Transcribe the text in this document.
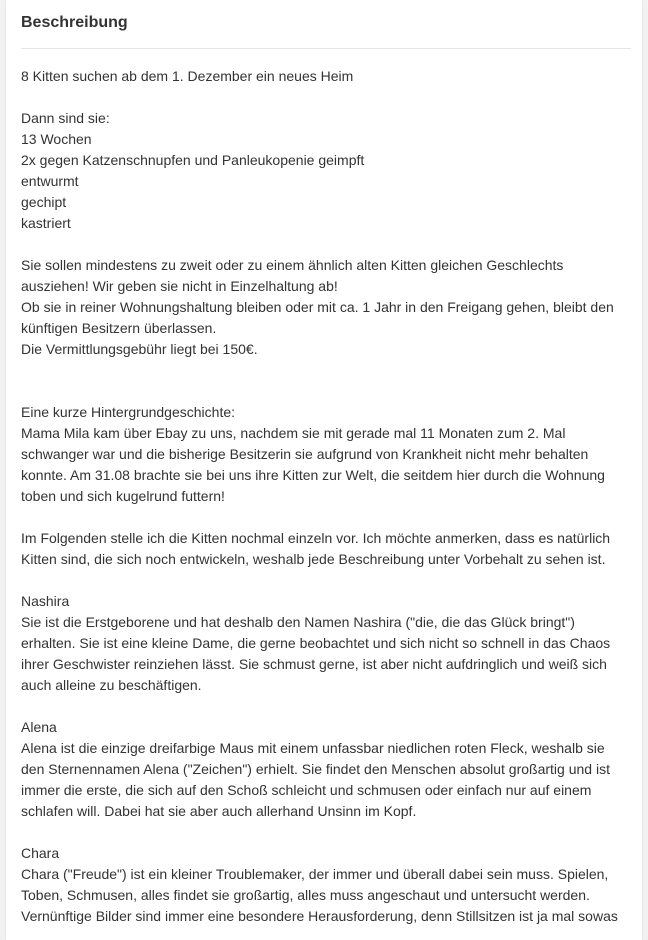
Beschreibung
8 Kitten suchen ab dem 1. Dezember ein neues Heim
Dann sind sie:
13 Wochen
2x gegen Katzenschnupfen und Panleukopenie geimpft
entwurmt
gechipt
kastriert
Sie sollen mindestens zu zweit oder zu einem ähnlich alten Kitten gleichen Geschlechts
ausziehen! Wir geben sie nicht in Einzelhaltung ab!
Ob sie in reiner Wohnungshaltung bleiben oder mit ca. 1 Jahr in den Freigang gehen, bleibt den
künftigen Besitzern überlassen.
Die Vermittlungsgebühr liegt bei 150€.
Eine kurze Hintergrundgeschichte:
Mama Mila kam über Ebay zu uns, nachdem sie mit gerade mal 11 Monaten zum 2. Mal
schwanger war und die bisherige Besitzerin sie aufgrund von Krankheit nicht mehr behalten
konnte. Am 31.08 brachte sie bei uns ihre Kitten zur Welt, die seitdem hier durch die Wohnung
toben und sich kugelrund futtern!
Im Folgenden stelle ich die Kitten nochmal einzeln vor. Ich möchte anmerken, dass es natürlich
Kitten sind, die sich noch entwickeln, weshalb jede Beschreibung unter Vorbehalt zu sehen ist.
Nashira
Sie ist die Erstgeborene und hat deshalb den Namen Nashira ("die, die das Glück bringt")
erhalten. Sie ist eine kleine Dame, die gerne beobachtet und sich nicht so schnell in das Chaos
ihrer Geschwister reinziehen lässt. Sie schmust gerne, ist aber nicht aufdringlich und weiß sich
auch alleine zu beschäftigen.
Alena
Alena ist die einzige dreifarbige Maus mit einem unfassbar niedlichen roten Fleck, weshalb sie
den Sternennamen Alena ("Zeichen") erhielt. Sie findet den Menschen absolut großartig und ist
immer die erste, die sich auf den Schoß schleicht und schmusen oder einfach nur auf einem
schlafen will. Dabei hat sie aber auch allerhand Unsinn im Kopf.
Chara
Chara ("Freude") ist ein kleiner Troublemaker, der immer und überall dabei sein muss. Spielen,
Toben, Schmusen, alles findet sie großartig, alles muss angeschaut und untersucht werden.
Vernünftige Bilder sind immer eine besondere Herausforderung, denn Stillsitzen ist ja mal sowas
